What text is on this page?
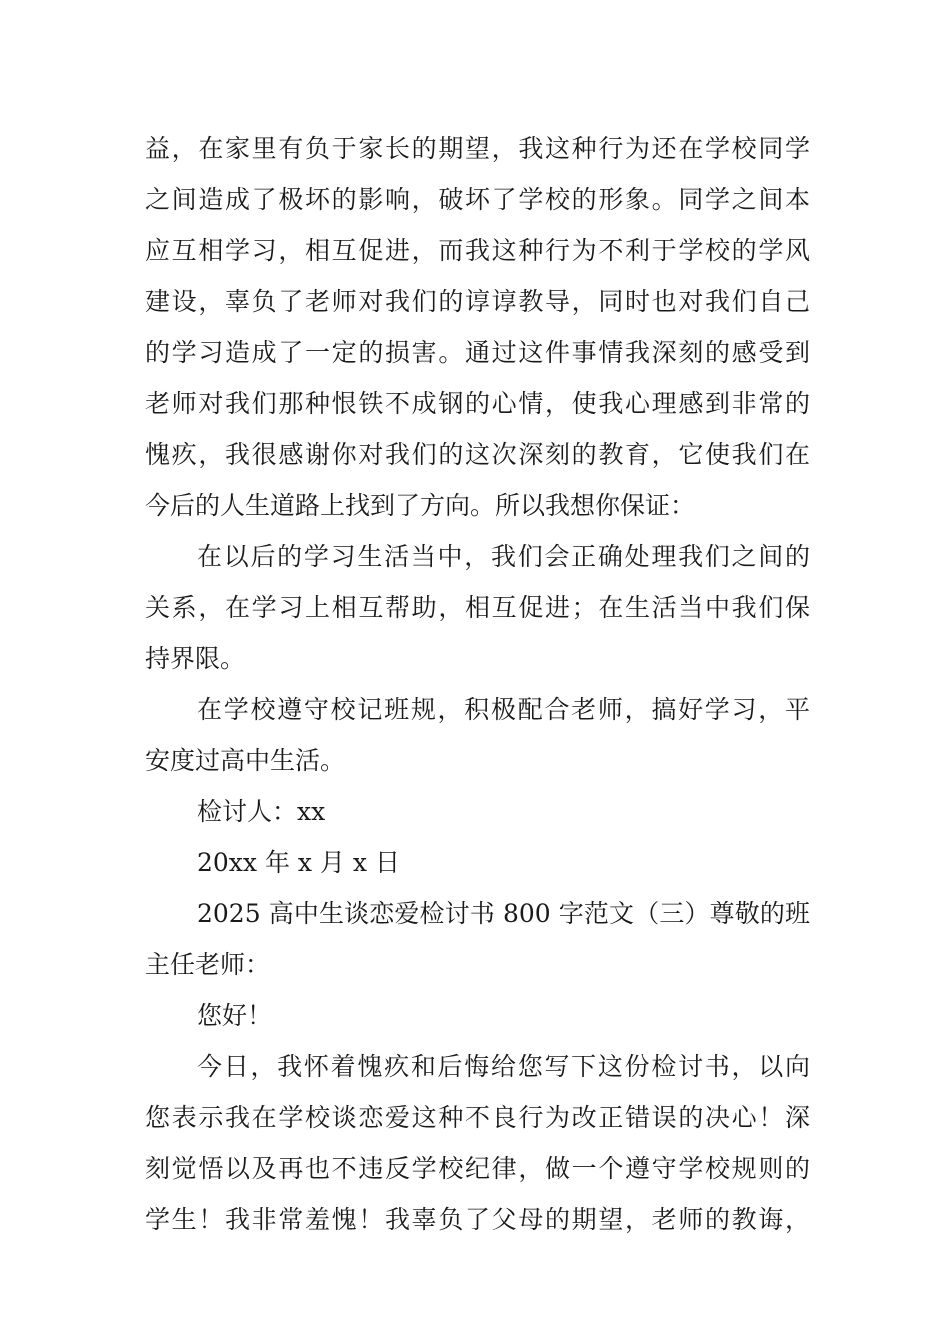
益，在家里有负于家长的期望，我这种行为还在学校同学
之间造成了极坏的影响，破坏了学校的形象。同学之间本
应互相学习，相互促进，而我这种行为不利于学校的学风
建设，辜负了老师对我们的谆谆教导，同时也对我们自己
的学习造成了一定的损害。通过这件事情我深刻的感受到
老师对我们那种恨铁不成钢的心情，使我心理感到非常的
愧疚，我很感谢你对我们的这次深刻的教育，它使我们在
今后的人生道路上找到了方向。所以我想你保证：
在以后的学习生活当中，我们会正确处理我们之间的
关系，在学习上相互帮助，相互促进；在生活当中我们保
持界限。
在学校遵守校记班规，积极配合老师，搞好学习，平
安度过高中生活。
检讨人：xx
20xx 年 x 月 x 日
2025 高中生谈恋爱检讨书 800 字范文（三）尊敬的班
主任老师：
您好！
今日，我怀着愧疚和后悔给您写下这份检讨书，以向
您表示我在学校谈恋爱这种不良行为改正错误的决心！深
刻觉悟以及再也不违反学校纪律，做一个遵守学校规则的
学生！我非常羞愧！我辜负了父母的期望，老师的教诲，
